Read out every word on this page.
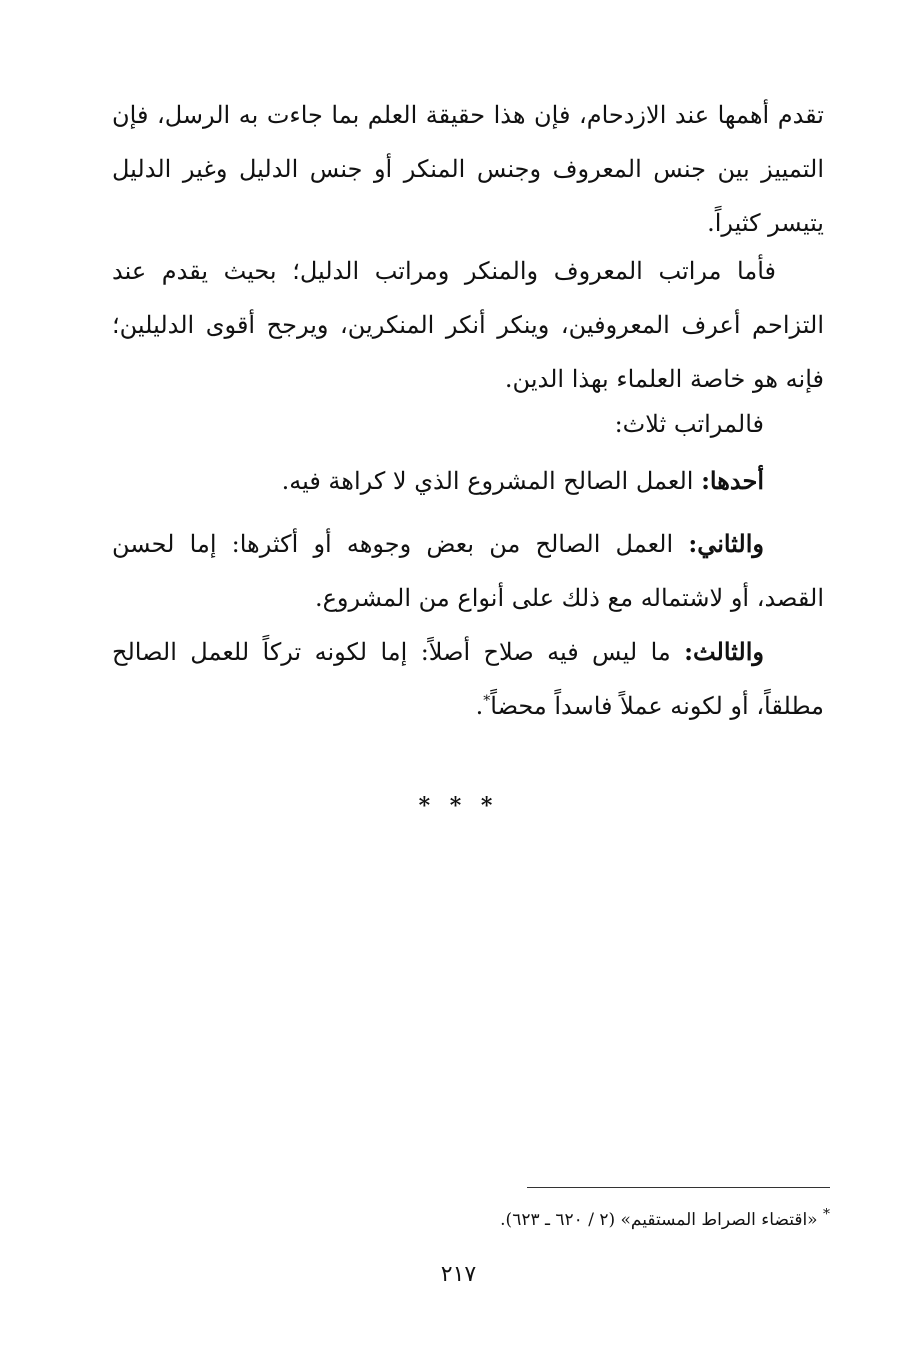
تقدم أهمها عند الازدحام، فإن هذا حقيقة العلم بما جاءت به الرسل، فإن التمييز بين جنس المعروف وجنس المنكر أو جنس الدليل وغير الدليل يتيسر كثيراً.

فأما مراتب المعروف والمنكر ومراتب الدليل؛ بحيث يقدم عند التزاحم أعرف المعروفين، وينكر أنكر المنكرين، ويرجح أقوى الدليلين؛ فإنه هو خاصة العلماء بهذا الدين.

فالمراتب ثلاث:

أحدها: العمل الصالح المشروع الذي لا كراهة فيه.

والثاني: العمل الصالح من بعض وجوهه أو أكثرها: إما لحسن القصد، أو لاشتماله مع ذلك على أنواع من المشروع.

والثالث: ما ليس فيه صلاح أصلاً: إما لكونه تركاً للعمل الصالح مطلقاً، أو لكونه عملاً فاسداً محضاً*.

* * *
* «اقتضاء الصراط المستقيم» (٢ / ٦٢٠ ـ ٦٢٣).
٢١٧
